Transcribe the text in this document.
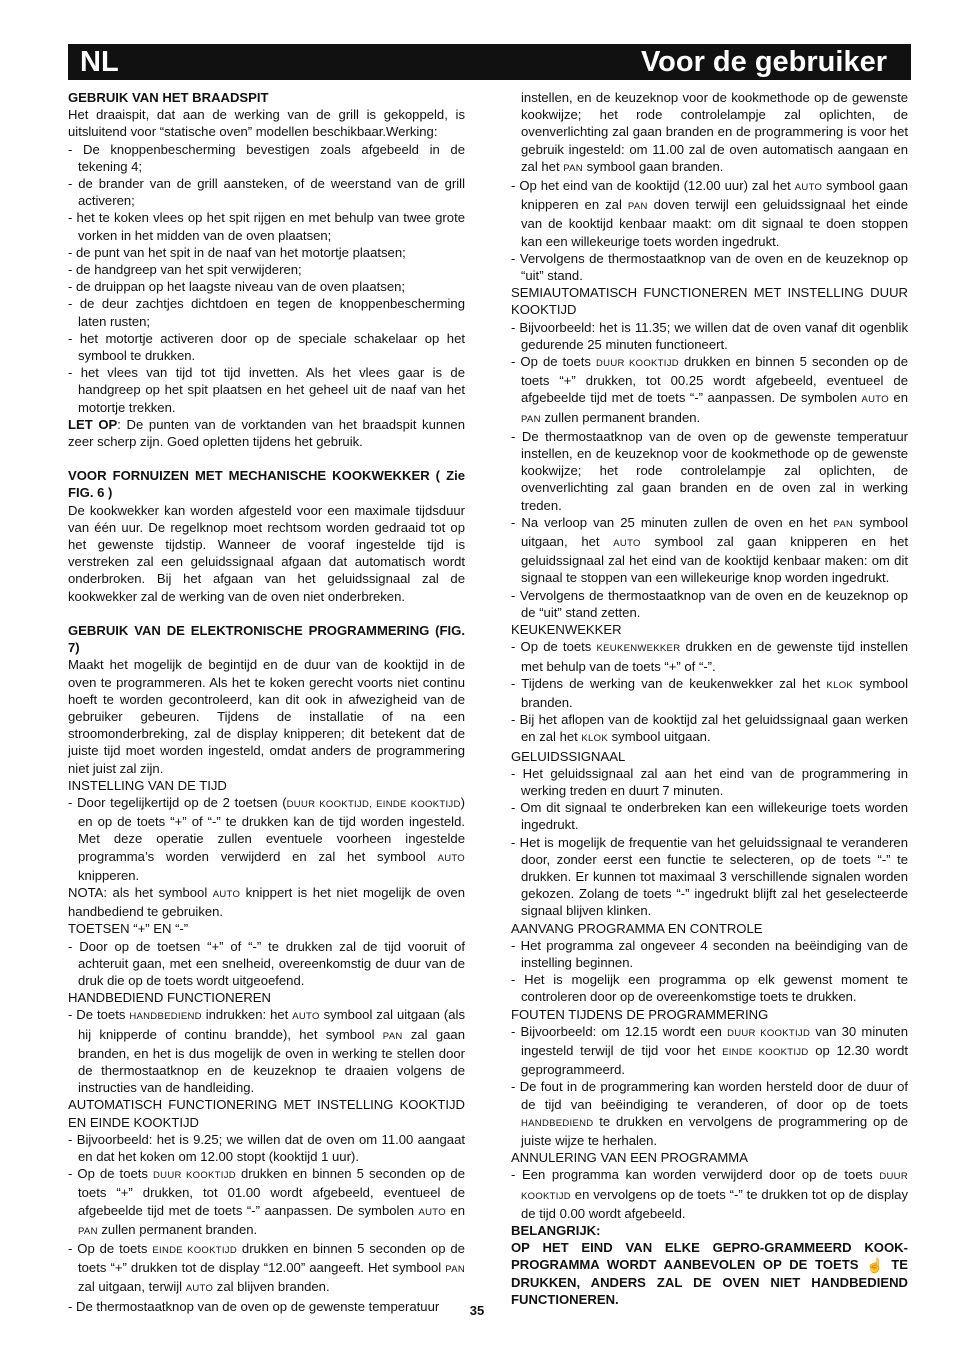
NL	Voor de gebruiker

GEBRUIK VAN HET BRAADSPIT

Het draaispit, dat aan de werking van de grill is gekoppeld, is uitsluitend voor “statische oven” modellen beschikbaar.Werking:

- De knoppenbescherming bevestigen zoals afgebeeld in de tekening 4;

- de brander van de grill aansteken, of de weerstand van de grill activeren;

- het te koken vlees op het spit rijgen en met behulp van twee grote vorken in het midden van de oven plaatsen;

- de punt van het spit in de naaf van het motortje plaatsen;

- de handgreep van het spit verwijderen;

- de druippan op het laagste niveau van de oven plaatsen;

- de deur zachtjes dichtdoen en tegen de knoppenbescherming laten rusten;

- het motortje activeren door op de speciale schakelaar op het symbool te drukken.

- het vlees van tijd tot tijd invetten. Als het vlees gaar is de handgreep op het spit plaatsen en het geheel uit de naaf van het motortje trekken.

LET OP: De punten van de vorktanden van het braadspit kunnen zeer scherp zijn. Goed opletten tijdens het gebruik.

VOOR FORNUIZEN MET MECHANISCHE KOOKWEKKER ( Zie FIG. 6 )

De kookwekker kan worden afgesteld voor een maximale tijdsduur van één uur. De regelknop moet rechtsom worden gedraaid tot op het gewenste tijdstip. Wanneer de vooraf ingestelde tijd is verstreken zal een geluidssignaal afgaan dat automatisch wordt onderbroken. Bij het afgaan van het geluidssignaal zal de kookwekker zal de werking van de oven niet onderbreken.

GEBRUIK VAN DE ELEKTRONISCHE PROGRAMMERING (FIG. 7)

Maakt het mogelijk de begintijd en de duur van de kooktijd in de oven te programmeren. Als het te koken gerecht voorts niet continu hoeft te worden gecontroleerd, kan dit ook in afwezigheid van de gebruiker gebeuren. Tijdens de installatie of na een stroomonderbreking, zal de display knipperen; dit betekent dat de juiste tijd moet worden ingesteld, omdat anders de programmering niet juist zal zijn.

INSTELLING VAN DE TIJD

- Door tegelijkertijd op de 2 toetsen (DUUR KOOKTIJD, EINDE KOOKTIJD) en op de toets “+” of “-” te drukken kan de tijd worden ingesteld. Met deze operatie zullen eventuele voorheen ingestelde programma’s worden verwijderd en zal het symbool AUTO knipperen.

NOTA: als het symbool AUTO knippert is het niet mogelijk de oven handbediend te gebruiken.

TOETSEN “+” EN “-”

- Door op de toetsen “+” of “-” te drukken zal de tijd vooruit of achteruit gaan, met een snelheid, overeenkomstig de duur van de druk die op de toets wordt uitgeoefend.

HANDBEDIEND FUNCTIONEREN

- De toets HANDBEDIEND indrukken: het AUTO symbool zal uitgaan (als hij knipperde of continu brandde), het symbool PAN zal gaan branden, en het is dus mogelijk de oven in werking te stellen door de thermostaatknop en de keuzeknop te draaien volgens de instructies van de handleiding.

AUTOMATISCH FUNCTIONERING MET INSTELLING KOOKTIJD EN EINDE KOOKTIJD

- Bijvoorbeeld: het is 9.25; we willen dat de oven om 11.00 aangaat en dat het koken om 12.00 stopt (kooktijd 1 uur).

- Op de toets DUUR KOOKTIJD drukken en binnen 5 seconden op de toets “+” drukken, tot 01.00 wordt afgebeeld, eventueel de afgebeelde tijd met de toets “-” aanpassen. De symbolen AUTO en PAN zullen permanent branden.

- Op de toets EINDE KOOKTIJD drukken en binnen 5 seconden op de toets “+” drukken tot de display “12.00” aangeeft. Het symbool PAN zal uitgaan, terwijl AUTO zal blijven branden.

- De thermostaatknop van de oven op de gewenste temperatuur

instellen, en de keuzeknop voor de kookmethode op de gewenste kookwijze; het rode controlelampje zal oplichten, de ovenverlichting zal gaan branden en de programmering is voor het gebruik ingesteld: om 11.00 zal de oven automatisch aangaan en zal het PAN symbool gaan branden.

- Op het eind van de kooktijd (12.00 uur) zal het AUTO symbool gaan knipperen en zal PAN doven terwijl een geluidssignaal het einde van de kooktijd kenbaar maakt: om dit signaal te doen stoppen kan een willekeurige toets worden ingedrukt.

- Vervolgens de thermostaatknop van de oven en de keuzeknop op “uit” stand.

SEMIAUTOMATISCH FUNCTIONEREN MET INSTELLING DUUR KOOKTIJD

- Bijvoorbeeld: het is 11.35; we willen dat de oven vanaf dit ogenblik gedurende 25 minuten functioneert.

- Op de toets DUUR KOOKTIJD drukken en binnen 5 seconden op de toets “+” drukken, tot 00.25 wordt afgebeeld, eventueel de afgebeelde tijd met de toets “-” aanpassen. De symbolen AUTO en PAN zullen permanent branden.

- De thermostaatknop van de oven op de gewenste temperatuur instellen, en de keuzeknop voor de kookmethode op de gewenste kookwijze; het rode controlelampje zal oplichten, de ovenverlichting zal gaan branden en de oven zal in werking treden.

- Na verloop van 25 minuten zullen de oven en het PAN symbool uitgaan, het AUTO symbool zal gaan knipperen en het geluidssignaal zal het eind van de kooktijd kenbaar maken: om dit signaal te stoppen van een willekeurige knop worden ingedrukt.

- Vervolgens de thermostaatknop van de oven en de keuzeknop op de “uit” stand zetten.

KEUKENWEKKER

- Op de toets KEUKENWEKKER drukken en de gewenste tijd instellen met behulp van de toets “+” of “-”.

- Tijdens de werking van de keukenwekker zal het KLOK symbool branden.

- Bij het aflopen van de kooktijd zal het geluidssignaal gaan werken en zal het KLOK symbool uitgaan.

GELUIDSSIGNAAL

- Het geluidssignaal zal aan het eind van de programmering in werking treden en duurt 7 minuten.

- Om dit signaal te onderbreken kan een willekeurige toets worden ingedrukt.

- Het is mogelijk de frequentie van het geluidssignaal te veranderen door, zonder eerst een functie te selecteren, op de toets “-” te drukken. Er kunnen tot maximaal 3 verschillende signalen worden gekozen. Zolang de toets “-” ingedrukt blijft zal het geselecteerde signaal blijven klinken.

AANVANG PROGRAMMA EN CONTROLE

- Het programma zal ongeveer 4 seconden na beëindiging van de instelling beginnen.

- Het is mogelijk een programma op elk gewenst moment te controleren door op de overeenkomstige toets te drukken.

FOUTEN TIJDENS DE PROGRAMMERING

- Bijvoorbeeld: om 12.15 wordt een DUUR KOOKTIJD van 30 minuten ingesteld terwijl de tijd voor het EINDE KOOKTIJD op 12.30 wordt geprogrammeerd.

- De fout in de programmering kan worden hersteld door de duur of de tijd van beëindiging te veranderen, of door op de toets HANDBEDIEND te drukken en vervolgens de programmering op de juiste wijze te herhalen.

ANNULERING VAN EEN PROGRAMMA

- Een programma kan worden verwijderd door op de toets DUUR KOOKTIJD en vervolgens op de toets “-” te drukken tot op de display de tijd 0.00 wordt afgebeeld.

BELANGRIJK:

OP HET EIND VAN ELKE GEPRO-GRAMMEERD KOOK-PROGRAMMA WORDT AANBEVOLEN OP DE TOETS ☝ TE DRUKKEN, ANDERS ZAL DE OVEN NIET HANDBEDIEND FUNCTIONEREN.

35
